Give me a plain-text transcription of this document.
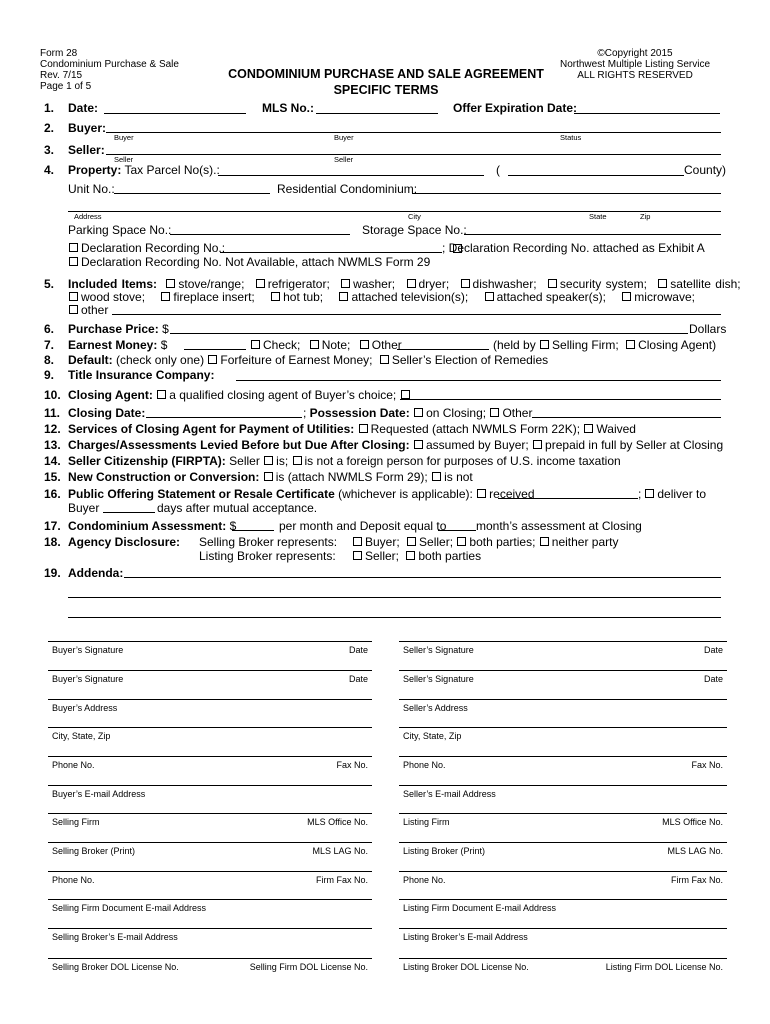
Form 28
Condominium Purchase & Sale
Rev. 7/15
Page 1 of 5
CONDOMINIUM PURCHASE AND SALE AGREEMENT
SPECIFIC TERMS
©Copyright 2015
Northwest Multiple Listing Service
ALL RIGHTS RESERVED
1. Date:	MLS No.:	Offer Expiration Date:
2. Buyer:
Buyer	Buyer	Status
3. Seller:
Seller	Seller
4. Property: Tax Parcel No(s).:	(	County)
Unit No.:	Residential Condominium:
Address	City	State	Zip
Parking Space No.:	Storage Space No.:
Declaration Recording No.:	; Declaration Recording No. attached as Exhibit A
Declaration Recording No. Not Available, attach NWMLS Form 29
5. Included Items: stove/range; refrigerator; washer; dryer; dishwasher; security system; satellite dish;
wood stove; fireplace insert; hot tub; attached television(s); attached speaker(s); microwave;
other
6. Purchase Price: $	Dollars
7. Earnest Money: $	Check; Note; Other	(held by Selling Firm; Closing Agent)
8. Default: (check only one) Forfeiture of Earnest Money; Seller’s Election of Remedies
9. Title Insurance Company:
10. Closing Agent: a qualified closing agent of Buyer’s choice;
11. Closing Date:	; Possession Date: on Closing; Other
12. Services of Closing Agent for Payment of Utilities: Requested (attach NWMLS Form 22K); Waived
13. Charges/Assessments Levied Before but Due After Closing: assumed by Buyer; prepaid in full by Seller at Closing
14. Seller Citizenship (FIRPTA): Seller is; is not a foreign person for purposes of U.S. income taxation
15. New Construction or Conversion: is (attach NWMLS Form 29); is not
16. Public Offering Statement or Resale Certificate (whichever is applicable): received	; deliver to
Buyer	days after mutual acceptance.
17. Condominium Assessment: $	per month and Deposit equal to month’s assessment at Closing
18. Agency Disclosure: Selling Broker represents:	Buyer; Seller; both parties; neither party
Listing Broker represents:	Seller; both parties
19. Addenda:
Buyer’s Signature	Date
Buyer’s Signature	Date
Buyer’s Address
City, State, Zip
Phone No.	Fax No.
Buyer’s E-mail Address
Selling Firm	MLS Office No.
Selling Broker (Print)	MLS LAG No.
Phone No.	Firm Fax No.
Selling Firm Document E-mail Address
Selling Broker’s E-mail Address
Selling Broker DOL License No.	Selling Firm DOL License No.
Seller’s Signature	Date
Seller’s Signature	Date
Seller’s Address
City, State, Zip
Phone No.	Fax No.
Seller’s E-mail Address
Listing Firm	MLS Office No.
Listing Broker (Print)	MLS LAG No.
Phone No.	Firm Fax No.
Listing Firm Document E-mail Address
Listing Broker’s E-mail Address
Listing Broker DOL License No.	Listing Firm DOL License No.
